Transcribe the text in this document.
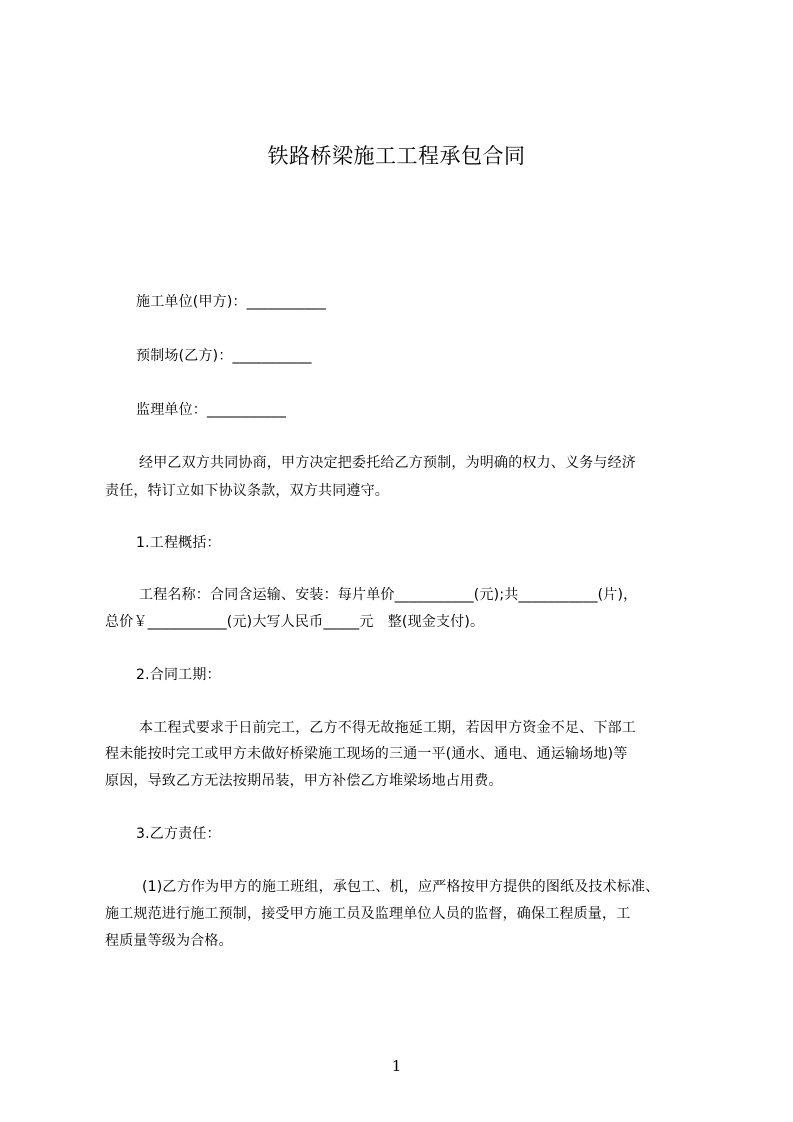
铁路桥梁施工工程承包合同
施工单位(甲方)：___________
预制场(乙方)：___________
监理单位：___________
经甲乙双方共同协商，甲方决定把委托给乙方预制，为明确的权力、义务与经济
责任，特订立如下协议条款，双方共同遵守。
1.工程概括：
工程名称：合同含运输、安装：每片单价___________(元);共___________(片)，
总价￥___________(元)大写人民币_____元　整(现金支付)。
2.合同工期：
本工程式要求于日前完工，乙方不得无故拖延工期，若因甲方资金不足、下部工
程未能按时完工或甲方未做好桥梁施工现场的三通一平(通水、通电、通运输场地)等
原因，导致乙方无法按期吊装，甲方补偿乙方堆梁场地占用费。
3.乙方责任：
(1)乙方作为甲方的施工班组，承包工、机，应严格按甲方提供的图纸及技术标准、
施工规范进行施工预制，接受甲方施工员及监理单位人员的监督，确保工程质量，工
程质量等级为合格。
1
